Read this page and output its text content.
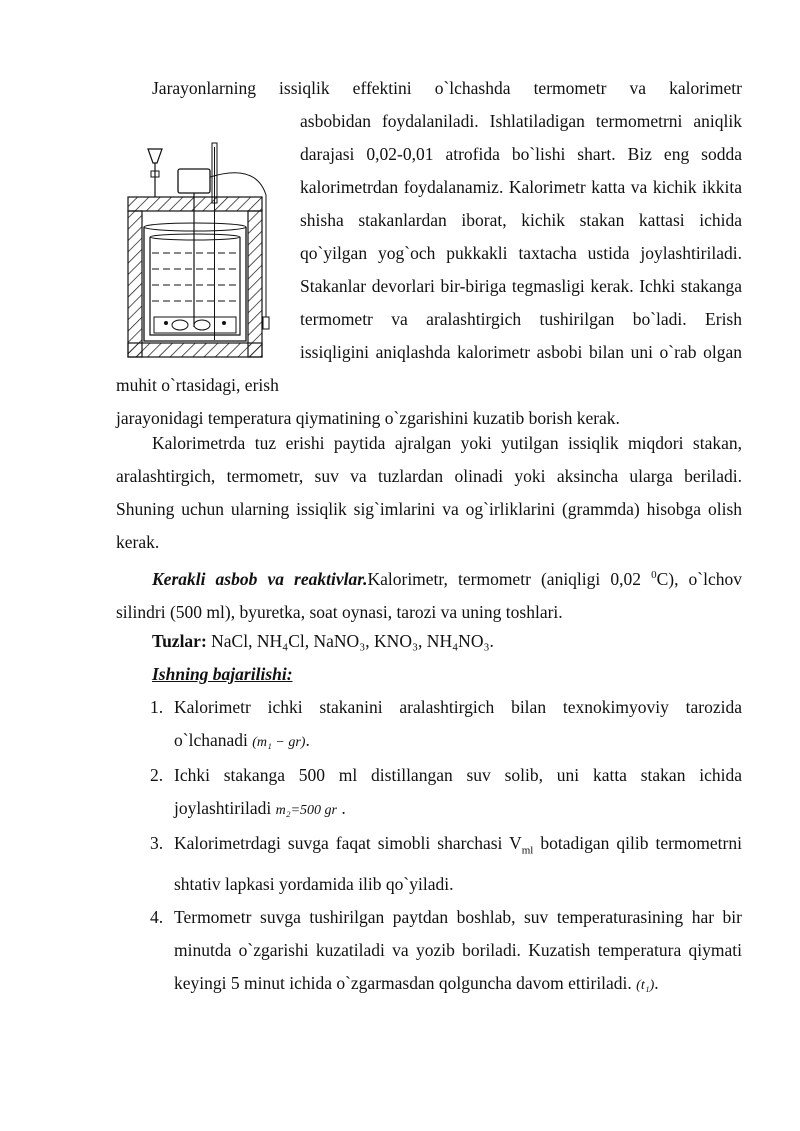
Jarayonlarning issiqlik effektini o`lchashda termometr va kalorimetr

asbobidan foydalaniladi. Ishlatiladigan termometrni aniqlik darajasi 0,02-0,01 atrofida bo`lishi shart. Biz eng sodda kalorimetrdan foydalanamiz. Kalorimetr katta va kichik ikkita shisha stakanlardan iborat, kichik stakan kattasi ichida qo`yilgan yog`och pukkakli taxtacha ustida joylashtiriladi. Stakanlar devorlari bir-biriga tegmasligi kerak. Ichki stakanga termometr va aralashtirgich tushirilgan bo`ladi. Erish issiqligini aniqlashda kalorimetr asbobi bilan uni o`rab olgan muhit o`rtasidagi, erish

jarayonidagi temperatura qiymatining o`zgarishini kuzatib borish kerak.

Kalorimetrda tuz erishi paytida ajralgan yoki yutilgan issiqlik miqdori stakan, aralashtirgich, termometr, suv va tuzlardan olinadi yoki aksincha ularga beriladi. Shuning uchun ularning issiqlik sig`imlarini va og`irliklarini (grammda) hisobga olish kerak.

Kerakli asbob va reaktivlar.Kalorimetr, termometr (aniqligi 0,02 $^0$C), o`lchov silindri (500 ml), byuretka, soat oynasi, tarozi va uning toshlari.

Tuzlar: NaCl, NH₄Cl, NaNO₃, KNO₃, NH₄NO₃.

Ishning bajarilishi:

1. Kalorimetr ichki stakanini aralashtirgich bilan texnokimyoviy tarozida o`lchanadi (m₁ − gr).

2. Ichki stakanga 500 ml distillangan suv solib, uni katta stakan ichida joylashtiriladi m₂=500 gr .

3. Kalorimetrdagi suvga faqat simobli sharchasi $V_{ml}$ botadigan qilib termometrni shtativ lapkasi yordamida ilib qo`yiladi.

4. Termometr suvga tushirilgan paytdan boshlab, suv temperaturasining har bir minutda o`zgarishi kuzatiladi va yozib boriladi. Kuzatish temperatura qiymati keyingi 5 minut ichida o`zgarmasdan qolguncha davom ettiriladi. (t₁).
